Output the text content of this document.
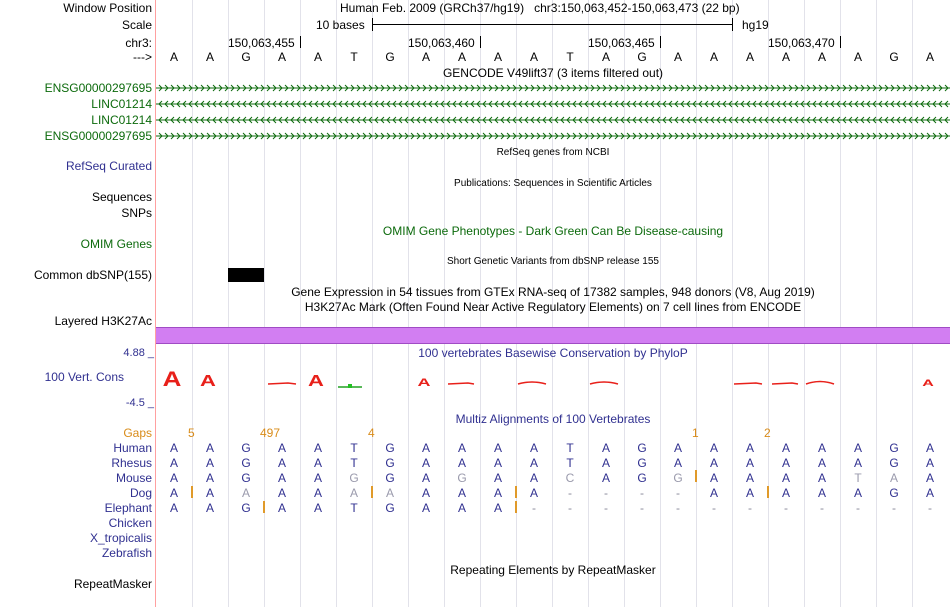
Window Position	Human Feb. 2009 (GRCh37/hg19)   chr3:150,063,452-150,063,473 (22 bp)
Scale	10 bases	hg19
chr3:	150,063,455	150,063,460	150,063,465	150,063,470
--->	A	A	G	A	A	T	G	A	A	A	A	T	A	G	A	A	A	A	A	A	G	A
GENCODE V49lift37 (3 items filtered out)
ENSG00000297695
LINC01214
LINC01214
ENSG00000297695
RefSeq genes from NCBI
RefSeq Curated
Publications: Sequences in Scientific Articles
Sequences
SNPs
OMIM Gene Phenotypes - Dark Green Can Be Disease-causing
OMIM Genes
Short Genetic Variants from dbSNP release 155
Common dbSNP(155)
Gene Expression in 54 tissues from GTEx RNA-seq of 17382 samples, 948 donors (V8, Aug 2019)
H3K27Ac Mark (Often Found Near Active Regulatory Elements) on 7 cell lines from ENCODE
Layered H3K27Ac
4.88 _	100 vertebrates Basewise Conservation by PhyloP
100 Vert. Cons A A	A	A	A
-4.5 _
Multiz Alignments of 100 Vertebrates
Gaps	5	497	4	1	2
Human	A	A	G	A	A	T	G	A	A	A	A	T	A	G	A	A	A	A	A	A	G	A
Rhesus	A	A	G	A	A	T	G	A	A	A	A	T	A	G	A	A	A	A	A	A	G	A
Mouse	A	A	G	A	A	G	G	A	G	A	A	C	A	G	G	A	A	A	A	T	A	A
Dog	A	A	A	A	A	A	A	A	A	A	A	-	-	-	-	A	A	A	A	A	G	A
Elephant	A	A	G	A	A	T	G	A	A	A	-	-	-	-	-	-	-	-	-	-	-	-
Chicken
X_tropicalis
Zebrafish
Repeating Elements by RepeatMasker
RepeatMasker
